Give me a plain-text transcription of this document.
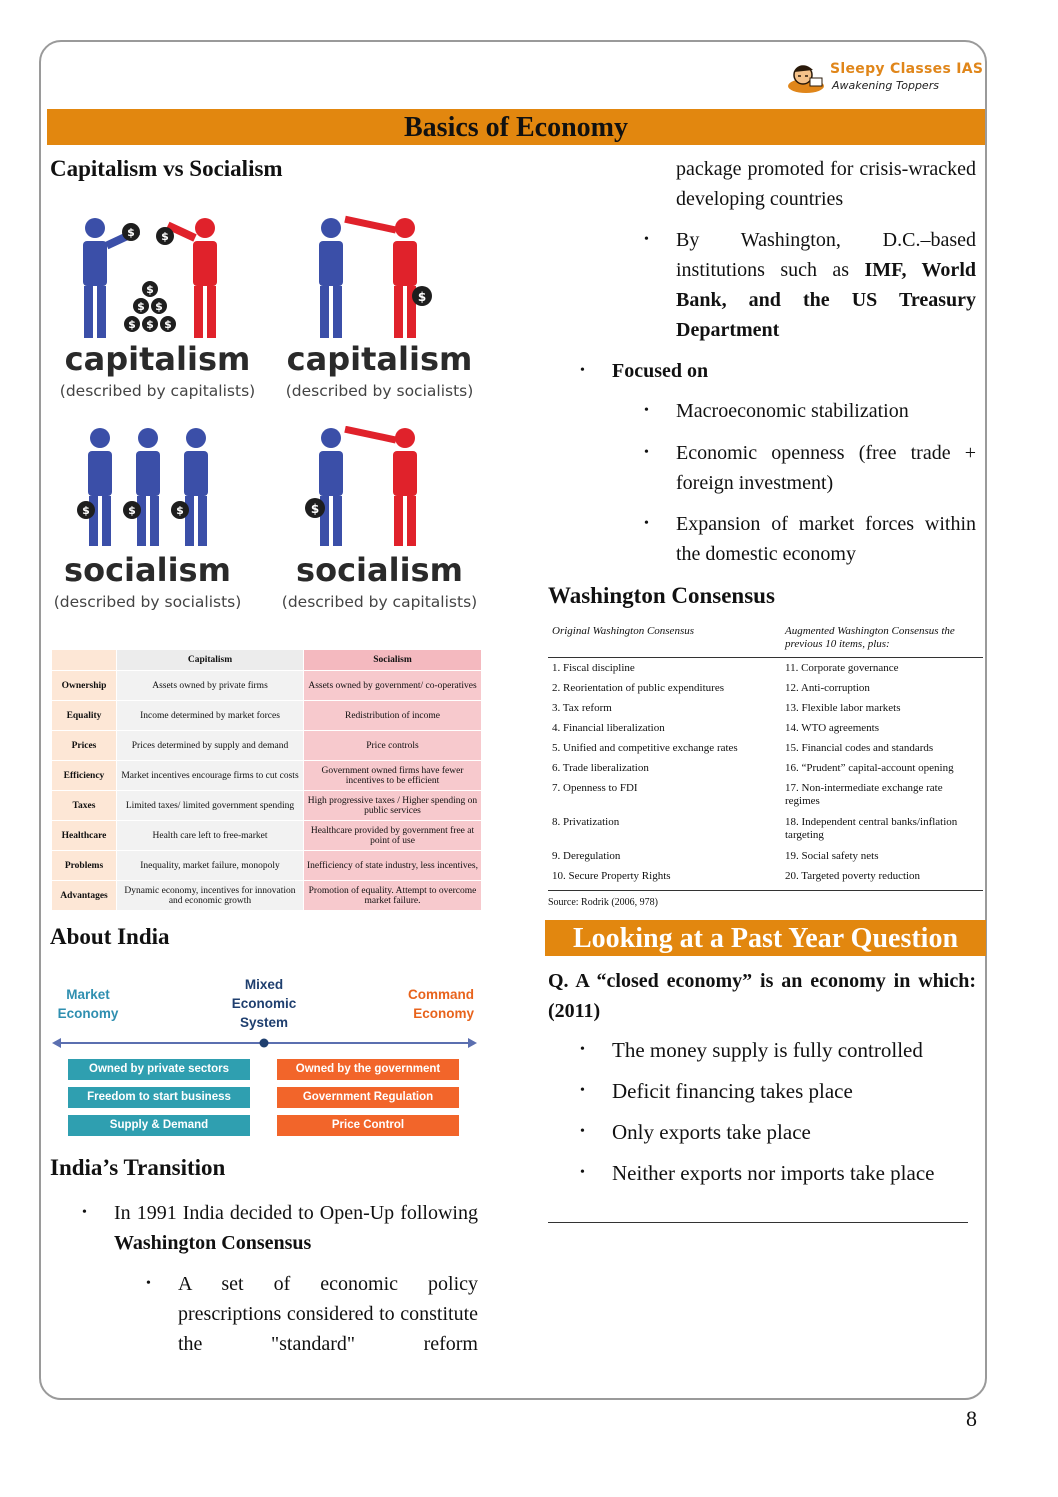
Sleepy Classes IAS
Awakening Toppers
Basics of Economy
Capitalism vs Socialism
$ $
$
$ $
$ $ $
capitalism
(described by capitalists)
$
capitalism
(described by socialists)
$	$	$
socialism
(described by socialists)
$
socialism
(described by capitalists)
	Capitalism	Socialism
Ownership	Assets owned by private firms	Assets owned by government/ co-operatives
Equality	Income determined by market forces	Redistribution of income
Prices	Prices determined by supply and demand	Price controls
Efficiency	Market incentives encourage firms to cut costs	Government owned firms have fewer incentives to be efficient
Taxes	Limited taxes/ limited government spending	High progressive taxes / Higher spending on public services
Healthcare	Health care left to free-market	Healthcare provided by government free at point of use
Problems	Inequality, market failure, monopoly	Inefficiency of state industry, less incentives,
Advantages	Dynamic economy, incentives for innovation and economic growth	Promotion of equality. Attempt to overcome market failure.
About India
Market Economy
Mixed Economic System
Command Economy
Owned by private sectors
Freedom to start business
Supply & Demand
Owned by the government
Government Regulation
Price Control
India’s Transition
• In 1991 India decided to Open-Up following Washington Consensus
• A set of economic policy prescriptions considered to constitute the "standard" reform
package promoted for crisis-wracked developing countries
• By Washington, D.C.–based institutions such as IMF, World Bank, and the US Treasury Department
• Focused on
• Macroeconomic stabilization
• Economic openness (free trade + foreign investment)
• Expansion of market forces within the domestic economy
Washington Consensus
Original Washington Consensus	Augmented Washington Consensus the previous 10 items, plus:
1. Fiscal discipline	11. Corporate governance
2. Reorientation of public expenditures	12. Anti-corruption
3. Tax reform	13. Flexible labor markets
4. Financial liberalization	14. WTO agreements
5. Unified and competitive exchange rates	15. Financial codes and standards
6. Trade liberalization	16. “Prudent” capital-account opening
7. Openness to FDI	17. Non-intermediate exchange rate regimes
8. Privatization	18. Independent central banks/inflation targeting
9. Deregulation	19. Social safety nets
10. Secure Property Rights	20. Targeted poverty reduction
Source: Rodrik (2006, 978)
Looking at a Past Year Question
Q. A “closed economy” is an economy in which: (2011)
• The money supply is fully controlled
• Deficit financing takes place
• Only exports take place
• Neither exports nor imports take place
8
